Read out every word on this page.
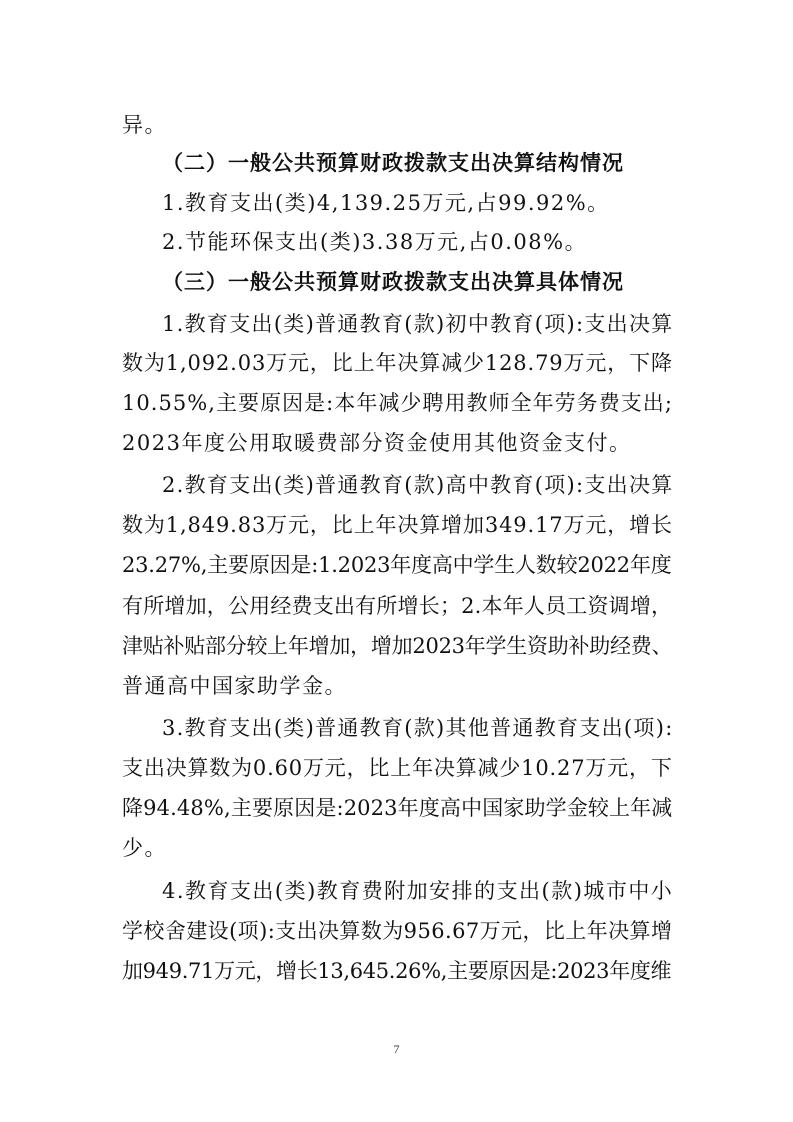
异。
（二）一般公共预算财政拨款支出决算结构情况
1.教育支出(类)4,139.25万元,占99.92%。
2.节能环保支出(类)3.38万元,占0.08%。
（三）一般公共预算财政拨款支出决算具体情况
1.教育支出(类)普通教育(款)初中教育(项):支出决算
数为1,092.03万元，比上年决算减少128.79万元，下降
10.55%,主要原因是:本年减少聘用教师全年劳务费支出;
2023年度公用取暖费部分资金使用其他资金支付。
2.教育支出(类)普通教育(款)高中教育(项):支出决算
数为1,849.83万元，比上年决算增加349.17万元，增长
23.27%,主要原因是:1.2023年度高中学生人数较2022年度
有所增加，公用经费支出有所增长；2.本年人员工资调增，
津贴补贴部分较上年增加，增加2023年学生资助补助经费、
普通高中国家助学金。
3.教育支出(类)普通教育(款)其他普通教育支出(项):
支出决算数为0.60万元，比上年决算减少10.27万元，下
降94.48%,主要原因是:2023年度高中国家助学金较上年减
少。
4.教育支出(类)教育费附加安排的支出(款)城市中小
学校舍建设(项):支出决算数为956.67万元，比上年决算增
加949.71万元，增长13,645.26%,主要原因是:2023年度维
7
